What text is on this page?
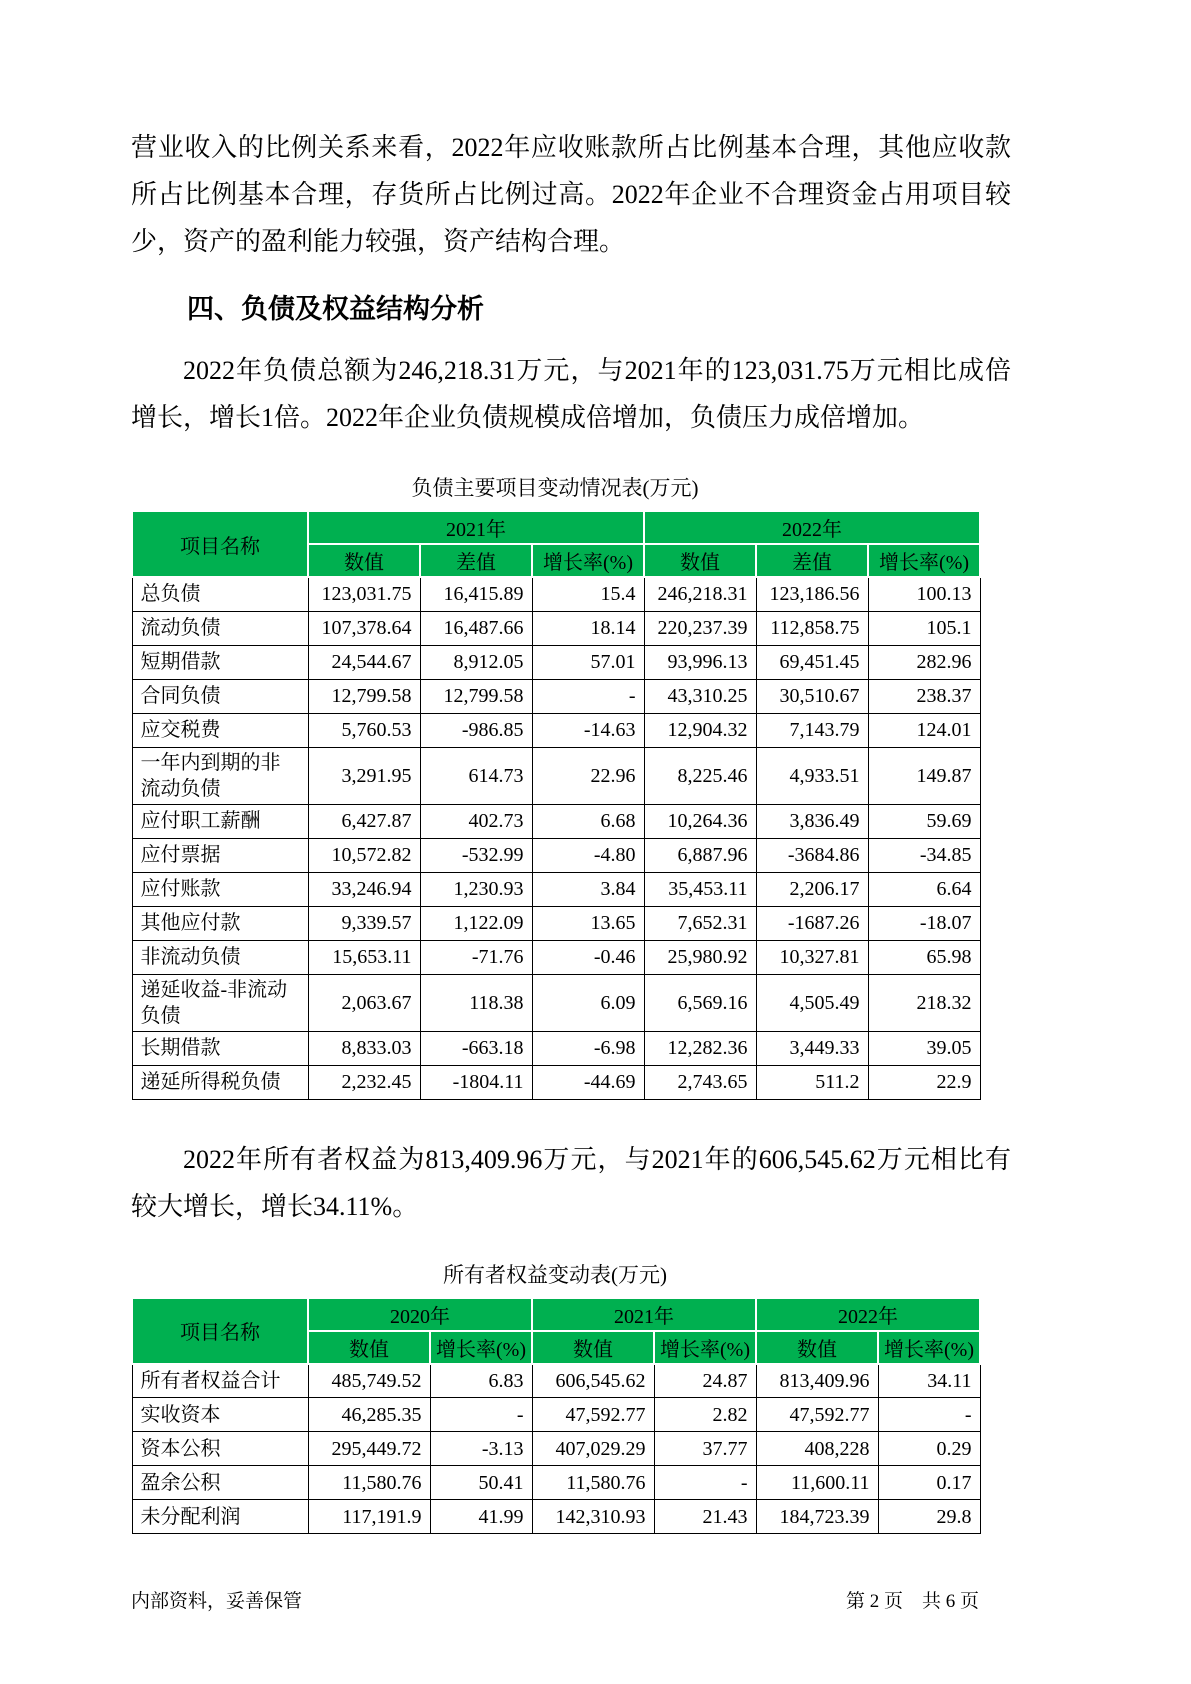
营业收入的比例关系来看，2022年应收账款所占比例基本合理，其他应收款所占比例基本合理，存货所占比例过高。2022年企业不合理资金占用项目较少，资产的盈利能力较强，资产结构合理。

四、负债及权益结构分析

2022年负债总额为246,218.31万元，与2021年的123,031.75万元相比成倍增长，增长1倍。2022年企业负债规模成倍增加，负债压力成倍增加。

负债主要项目变动情况表(万元)
项目名称	2021年			2022年		
	数值	差值	增长率(%)	数值	差值	增长率(%)
总负债	123,031.75	16,415.89	15.4	246,218.31	123,186.56	100.13
流动负债	107,378.64	16,487.66	18.14	220,237.39	112,858.75	105.1
短期借款	24,544.67	8,912.05	57.01	93,996.13	69,451.45	282.96
合同负债	12,799.58	12,799.58	-	43,310.25	30,510.67	238.37
应交税费	5,760.53	-986.85	-14.63	12,904.32	7,143.79	124.01
一年内到期的非流动负债	3,291.95	614.73	22.96	8,225.46	4,933.51	149.87
应付职工薪酬	6,427.87	402.73	6.68	10,264.36	3,836.49	59.69
应付票据	10,572.82	-532.99	-4.80	6,887.96	-3684.86	-34.85
应付账款	33,246.94	1,230.93	3.84	35,453.11	2,206.17	6.64
其他应付款	9,339.57	1,122.09	13.65	7,652.31	-1687.26	-18.07
非流动负债	15,653.11	-71.76	-0.46	25,980.92	10,327.81	65.98
递延收益-非流动负债	2,063.67	118.38	6.09	6,569.16	4,505.49	218.32
长期借款	8,833.03	-663.18	-6.98	12,282.36	3,449.33	39.05
递延所得税负债	2,232.45	-1804.11	-44.69	2,743.65	511.2	22.9

2022年所有者权益为813,409.96万元，与2021年的606,545.62万元相比有较大增长，增长34.11%。

所有者权益变动表(万元)
项目名称	2020年		2021年		2022年	
	数值	增长率(%)	数值	增长率(%)	数值	增长率(%)
所有者权益合计	485,749.52	6.83	606,545.62	24.87	813,409.96	34.11
实收资本	46,285.35	-	47,592.77	2.82	47,592.77	-
资本公积	295,449.72	-3.13	407,029.29	37.77	408,228	0.29
盈余公积	11,580.76	50.41	11,580.76	-	11,600.11	0.17
未分配利润	117,191.9	41.99	142,310.93	21.43	184,723.39	29.8
内部资料，妥善保管	第 2 页　共 6 页
